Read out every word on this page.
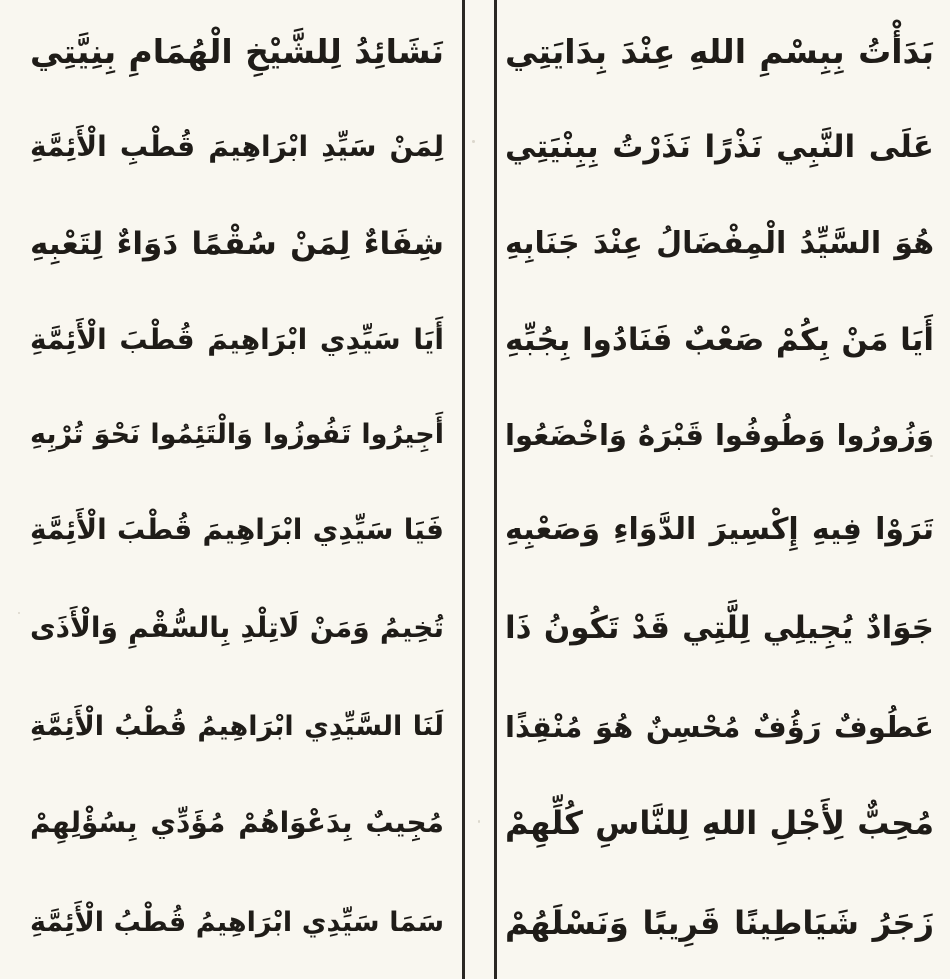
بَدَأْتُ بِبِسْمِ اللهِ عِنْدَ بِدَايَتِي
عَلَى النَّبِي نَذْرًا نَذَرْتُ بِبِنْيَتِي
هُوَ السَّيِّدُ الْمِفْضَالُ عِنْدَ جَنَابِهِ
أَيَا مَنْ بِكُمْ صَعْبٌ فَنَادُوا بِجُبِّهِ
وَزُورُوا وَطُوفُوا قَبْرَهُ وَاخْضَعُوا
تَرَوْا فِيهِ إِكْسِيرَ الدَّوَاءِ وَصَعْبِهِ
جَوَادٌ يُجِيلِي لِلَّتِي قَدْ تَكُونُ ذَا
عَطُوفٌ رَؤُفٌ مُحْسِنٌ هُوَ مُنْقِذًا
مُحِبٌّ لِأَجْلِ اللهِ لِلنَّاسِ كُلِّهِمْ
زَجَرُ شَيَاطِينًا قَرِيبًا وَنَسْلَهُمْ
نَشَائِدُ لِلشَّيْخِ الْهُمَامِ بِنِيَّتِي
لِمَنْ سَيِّدِ ابْرَاهِيمَ قُطْبِ الْأَئِمَّةِ
شِفَاءٌ لِمَنْ سُقْمًا دَوَاءٌ لِتَعْبِهِ
أَيَا سَيِّدِي ابْرَاهِيمَ قُطْبَ الْأَئِمَّةِ
أَجِيرُوا تَفُوزُوا وَالْتَئِمُوا نَحْوَ تُرْبِهِ
فَيَا سَيِّدِي ابْرَاهِيمَ قُطْبَ الْأَئِمَّةِ
تُخِيمُ وَمَنْ لَاتِلْدِ بِالسُّقْمِ وَالْأَذَى
لَنَا السَّيِّدِي ابْرَاهِيمُ قُطْبُ الْأَئِمَّةِ
مُجِيبٌ بِدَعْوَاهُمْ مُؤَدِّي بِسُؤْلِهِمْ
سَمَا سَيِّدِي ابْرَاهِيمُ قُطْبُ الْأَئِمَّةِ
